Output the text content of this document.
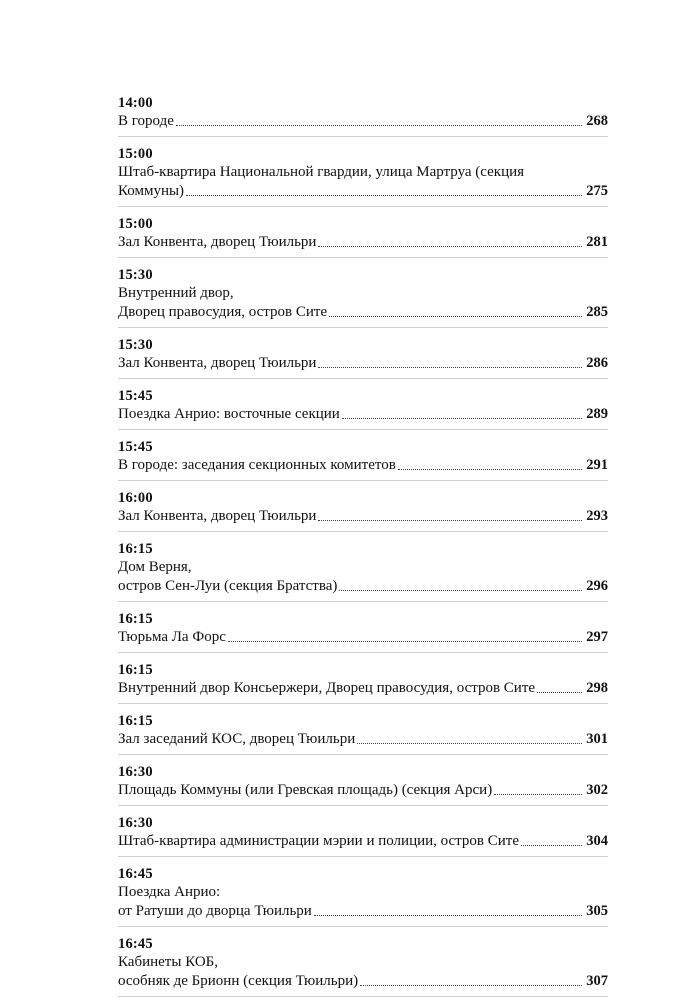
14:00
В городе	268
15:00
Штаб-квартира Национальной гвардии, улица Мартруа (секция
Коммуны)	275
15:00
Зал Конвента, дворец Тюильри	281
15:30
Внутренний двор,
Дворец правосудия, остров Сите	285
15:30
Зал Конвента, дворец Тюильри	286
15:45
Поездка Анрио: восточные секции	289
15:45
В городе: заседания секционных комитетов	291
16:00
Зал Конвента, дворец Тюильри	293
16:15
Дом Верня,
остров Сен-Луи (секция Братства)	296
16:15
Тюрьма Ла Форс	297
16:15
Внутренний двор Консьержери, Дворец правосудия, остров Сите	298
16:15
Зал заседаний КОС, дворец Тюильри	301
16:30
Площадь Коммуны (или Гревская площадь) (секция Арси)	302
16:30
Штаб-квартира администрации мэрии и полиции, остров Сите	304
16:45
Поездка Анрио:
от Ратуши до дворца Тюильри	305
16:45
Кабинеты КОБ,
особняк де Брионн (секция Тюильри)	307
